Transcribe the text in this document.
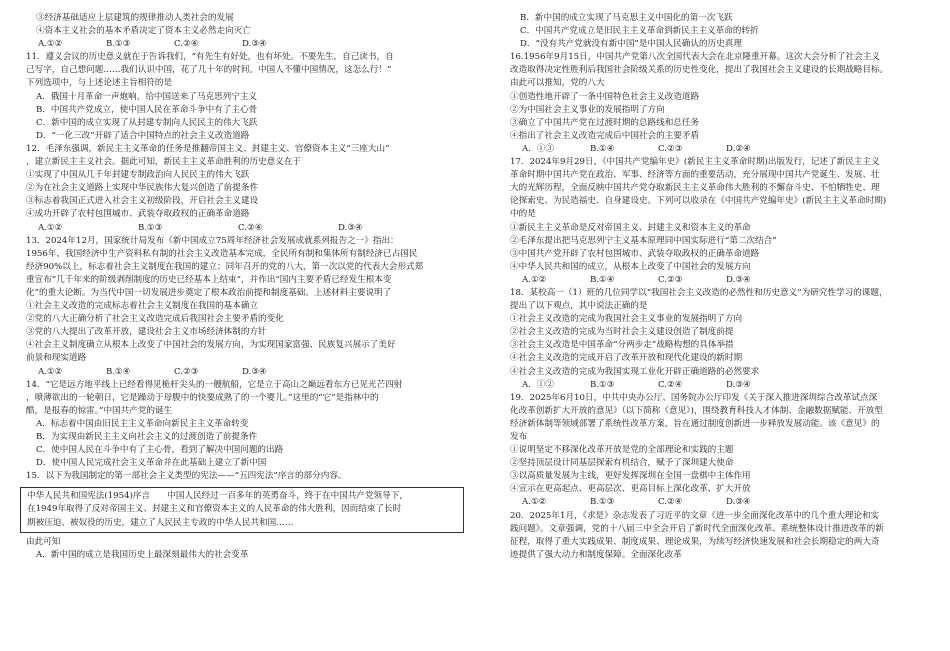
③经济基础适应上层建筑的规律推动人类社会的发展
④资本主义社会的基本矛盾决定了资本主义必然走向灭亡
A.①②	B.①③	C.②④	D.③④
11．遵义会议的历史意义就在于告诉我们，“有先生有好处，也有坏处。不要先生，自己读书，自
己写字，自己想问题……我们认识中国，花了几十年的时间。中国人不懂中国情况，这怎么行！”
下列选项中，与上述论述主旨相符的是
A．俄国十月革命一声炮响，给中国送来了马克思列宁主义
B．中国共产党成立，使中国人民在革命斗争中有了主心骨
C．新中国的成立实现了从封建专制向人民民主的伟大飞跃
D．“一化三改”开辟了适合中国特点的社会主义改造道路
12．毛泽东强调，新民主主义革命的任务是推翻帝国主义、封建主义、官僚资本主义“三座大山”
，建立新民主主义社会。据此可知，新民主主义革命胜利的历史意义在于
①实现了中国从几千年封建专制政治向人民民主的伟大飞跃
②为在社会主义道路上实现中华民族伟大复兴创造了前提条件
③标志着我国正式进入社会主义初级阶段，开启社会主义建设
④成功开辟了农村包围城市、武装夺取政权的正确革命道路
A.①②	B.①③	C.②④	D.③④
13．2024年12月，国家统计局发布《新中国成立75周年经济社会发展成就系列报告之一》指出：
1956年，我国经济中生产资料私有制的社会主义改造基本完成，全民所有制和集体所有制经济已占国民
经济90%以上，标志着社会主义制度在我国的建立；同年召开的党的八大，第一次以党的代表大会形式郑
重宣布“几千年来的阶级剥削制度的历史已经基本上结束”，并作出“国内主要矛盾已经发生根本变
化”的重大论断。为当代中国一切发展进步奠定了根本政治前提和制度基础。上述材料主要说明了
①社会主义改造的完成标志着社会主义制度在我国的基本确立
②党的八大正确分析了社会主义改造完成后我国社会主要矛盾的变化
③党的八大提出了改革开放，建设社会主义市场经济体制的方针
④社会主义制度确立从根本上改变了中国社会的发展方向，为实现国家富强、民族复兴展示了美好
前景和现实道路
A.①②	B.①④	C.②③	D.③④
14．“它是远方地平线上已经看得见桅杆尖头的一艘航船，它是立于高山之巅远看东方已见光芒四射
，喷薄欲出的一轮朝日，它是躁动于母腹中的快要成熟了的一个婴儿。”这里的“它”是指林中的
酷，是报春的惊雷。”中国共产党的诞生
A．标志着中国由旧民主主义革命向新民主主义革命转变
B．为实现由新民主主义向社会主义的过渡创造了前提条件
C．使中国人民在斗争中有了主心骨，看到了解决中国问题的出路
D．使中国人民完成社会主义革命并在此基础上建立了新中国
15．以下为我国制定的第一部社会主义类型的宪法——“五四宪法”序言的部分内容。
中华人民共和国宪法(1954)序言　　中国人民经过一百多年的英勇奋斗，终于在中国共产党领导下，
在1949年取得了反对帝国主义、封建主义和官僚资本主义的人民革命的伟大胜利，因而结束了长时
期被压迫、被奴役的历史，建立了人民民主专政的中华人民共和国……
由此可知
A．新中国的成立是我国历史上最深刻最伟大的社会变革
B．新中国的成立实现了马克思主义中国化的第一次飞跃
C．中国共产党成立是旧民主主义革命到新民主主义革命的转折
D．“没有共产党就没有新中国”是中国人民确认的历史真理
16.1956年9月15日，中国共产党第八次全国代表大会在北京隆重开幕。这次大会分析了社会主义
改造取得决定性胜利后我国社会阶级关系的历史性变化，提出了我国社会主义建设的长期战略目标。
由此可以推知，党的八大
①创造性地开辟了一条中国特色社会主义改造道路
②为中国社会主义事业的发展指明了方向
③确立了中国共产党在过渡时期的总路线和总任务
④指出了社会主义改造完成后中国社会的主要矛盾
A．①③	B.①④	C.②③	D.②④
17．2024年9月29日，《中国共产党编年史》(新民主主义革命时期)出版发行，记述了新民主主义
革命时期中国共产党在政治、军事、经济等方面的重要活动，充分展现中国共产党诞生、发展、壮
大的光辉历程，全面反映中国共产党夺取新民主主义革命伟大胜利的不懈奋斗史、不怕牺牲史、理
论探索史、为民造福史、自身建设史。下列可以收录在《中国共产党编年史》(新民主主义革命时期)
中的是
①新民主主义革命是反对帝国主义、封建主义和资本主义的革命
②毛泽东提出把马克思列宁主义基本原理同中国实际进行“第二次结合”
③中国共产党开辟了农村包围城市、武装夺取政权的正确革命道路
④中华人民共和国的成立，从根本上改变了中国社会的发展方向
A.①②	B.①④	C.②③	D.③④
18．某校高一（1）班的几位同学以“我国社会主义改造的必然性和历史意义”为研究性学习的课题，
提出了以下观点，其中说法正确的是
①社会主义改造的完成为我国社会主义事业的发展指明了方向
②社会主义改造的完成为当时社会主义建设创造了制度前提
③社会主义改造是中国革命“分两步走”战略构想的具体举措
④社会主义改造的完成开启了改革开放和现代化建设的新时期
④社会主义改造的完成为我国实现工业化开辟正确道路的必然要求
A．①②	B.①③	C.②④	D.③④
19．2025年6月10日，中共中央办公厅、国务院办公厅印发《关于深入推进深圳综合改革试点深
化改革创新扩大开放的意见》（以下简称《意见》)，围绕教育科技人才体制、金融数据赋能、开放型
经济新体制等领域部署了系统性改革方案，旨在通过制度创新进一步释放发展动能。该《意见》的
发布
①说明坚定不移深化改革开放是党的全部理论和实践的主题
②坚持顶层设计同基层探索有机结合，赋予了深圳建大使命
③以高质量发展为主线，更好发挥深圳在全国一盘棋中主体作用
④宣示在更高起点、更高层次、更高目标上深化改革、扩大开放
A.①②	B.①③	C.②④	D.③④
20．2025年1月，《求是》杂志发表了习近平的文章《进一步全面深化改革中的几个重大理论和实
践问题》。文章强调，党的十八届三中全会开启了新时代全面深化改革、系统整体设计推进改革的新
征程，取得了重大实践成果、制度成果、理论成果，为续写经济快速发展和社会长期稳定的两大奇
迹提供了强大动力和制度保障。全面深化改革
